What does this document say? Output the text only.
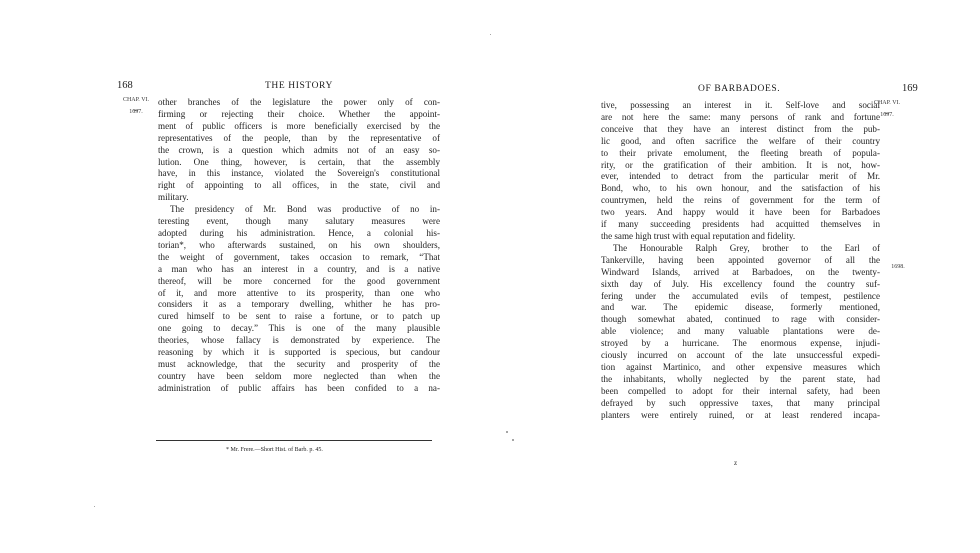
168	THE HISTORY
CHAP. VI.
⏟
1697.
other branches of the legislature the power only of con-
firming or rejecting their choice. Whether the appoint-
ment of public officers is more beneficially exercised by the
representatives of the people, than by the representative of
the crown, is a question which admits not of an easy so-
lution. One thing, however, is certain, that the assembly
have, in this instance, violated the Sovereign's constitutional
right of appointing to all offices, in the state, civil and
military.
The presidency of Mr. Bond was productive of no in-
teresting event, though many salutary measures were
adopted during his administration. Hence, a colonial his-
torian*, who afterwards sustained, on his own shoulders,
the weight of government, takes occasion to remark, “That
a man who has an interest in a country, and is a native
thereof, will be more concerned for the good government
of it, and more attentive to its prosperity, than one who
considers it as a temporary dwelling, whither he has pro-
cured himself to be sent to raise a fortune, or to patch up
one going to decay.” This is one of the many plausible
theories, whose fallacy is demonstrated by experience. The
reasoning by which it is supported is specious, but candour
must acknowledge, that the security and prosperity of the
country have been seldom more neglected than when the
administration of public affairs has been confided to a na-
* Mr. Frere.—Short Hist. of Barb. p. 45.
OF BARBADOES.	169
CHAP. VI.
⏟
1697.
1698.
tive, possessing an interest in it. Self-love and social
are not here the same: many persons of rank and fortune
conceive that they have an interest distinct from the pub-
lic good, and often sacrifice the welfare of their country
to their private emolument, the fleeting breath of popula-
rity, or the gratification of their ambition. It is not, how-
ever, intended to detract from the particular merit of Mr.
Bond, who, to his own honour, and the satisfaction of his
countrymen, held the reins of government for the term of
two years. And happy would it have been for Barbadoes
if many succeeding presidents had acquitted themselves in
the same high trust with equal reputation and fidelity.
The Honourable Ralph Grey, brother to the Earl of
Tankerville, having been appointed governor of all the
Windward Islands, arrived at Barbadoes, on the twenty-
sixth day of July. His excellency found the country suf-
fering under the accumulated evils of tempest, pestilence
and war. The epidemic disease, formerly mentioned,
though somewhat abated, continued to rage with consider-
able violence; and many valuable plantations were de-
stroyed by a hurricane. The enormous expense, injudi-
ciously incurred on account of the late unsuccessful expedi-
tion against Martinico, and other expensive measures which
the inhabitants, wholly neglected by the parent state, had
been compelled to adopt for their internal safety, had been
defrayed by such oppressive taxes, that many principal
planters were entirely ruined, or at least rendered incapa-
z
